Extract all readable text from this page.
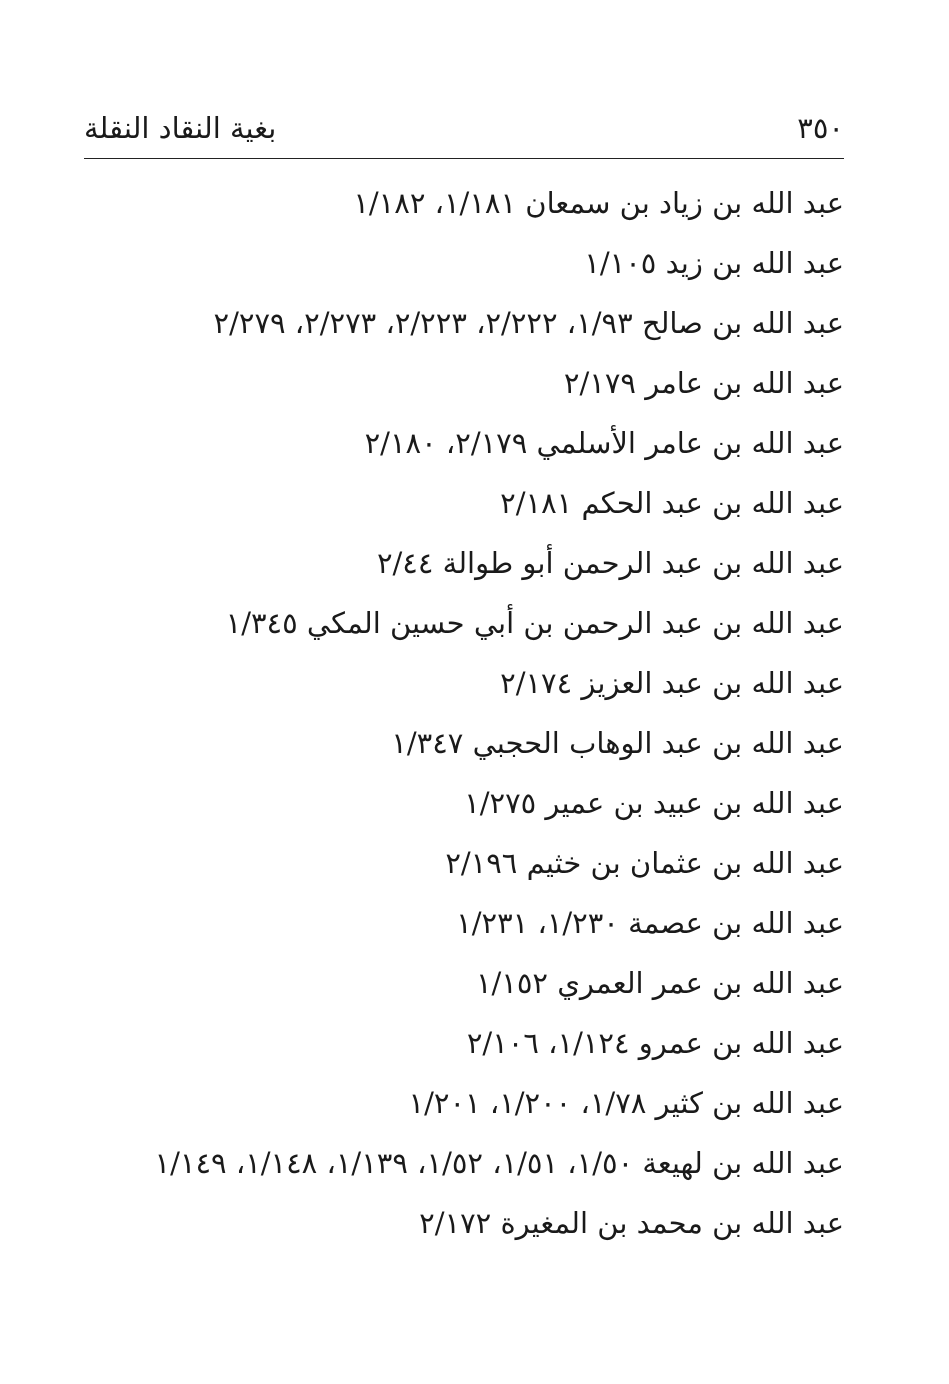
٣٥٠
بغية النقاد النقلة
عبد الله بن زياد بن سمعان ١/١٨١، ١/١٨٢
عبد الله بن زيد ١/١٠٥
عبد الله بن صالح ١/٩٣، ٢/٢٢٢، ٢/٢٢٣، ٢/٢٧٣، ٢/٢٧٩
عبد الله بن عامر ٢/١٧٩
عبد الله بن عامر الأسلمي ٢/١٧٩، ٢/١٨٠
عبد الله بن عبد الحكم ٢/١٨١
عبد الله بن عبد الرحمن أبو طوالة ٢/٤٤
عبد الله بن عبد الرحمن بن أبي حسين المكي ١/٣٤٥
عبد الله بن عبد العزيز ٢/١٧٤
عبد الله بن عبد الوهاب الحجبي ١/٣٤٧
عبد الله بن عبيد بن عمير ١/٢٧٥
عبد الله بن عثمان بن خثيم ٢/١٩٦
عبد الله بن عصمة ١/٢٣٠، ١/٢٣١
عبد الله بن عمر العمري ١/١٥٢
عبد الله بن عمرو ١/١٢٤، ٢/١٠٦
عبد الله بن كثير ١/٧٨، ١/٢٠٠، ١/٢٠١
عبد الله بن لهيعة ١/٥٠، ١/٥١، ١/٥٢، ١/١٣٩، ١/١٤٨، ١/١٤٩
عبد الله بن محمد بن المغيرة ٢/١٧٢
